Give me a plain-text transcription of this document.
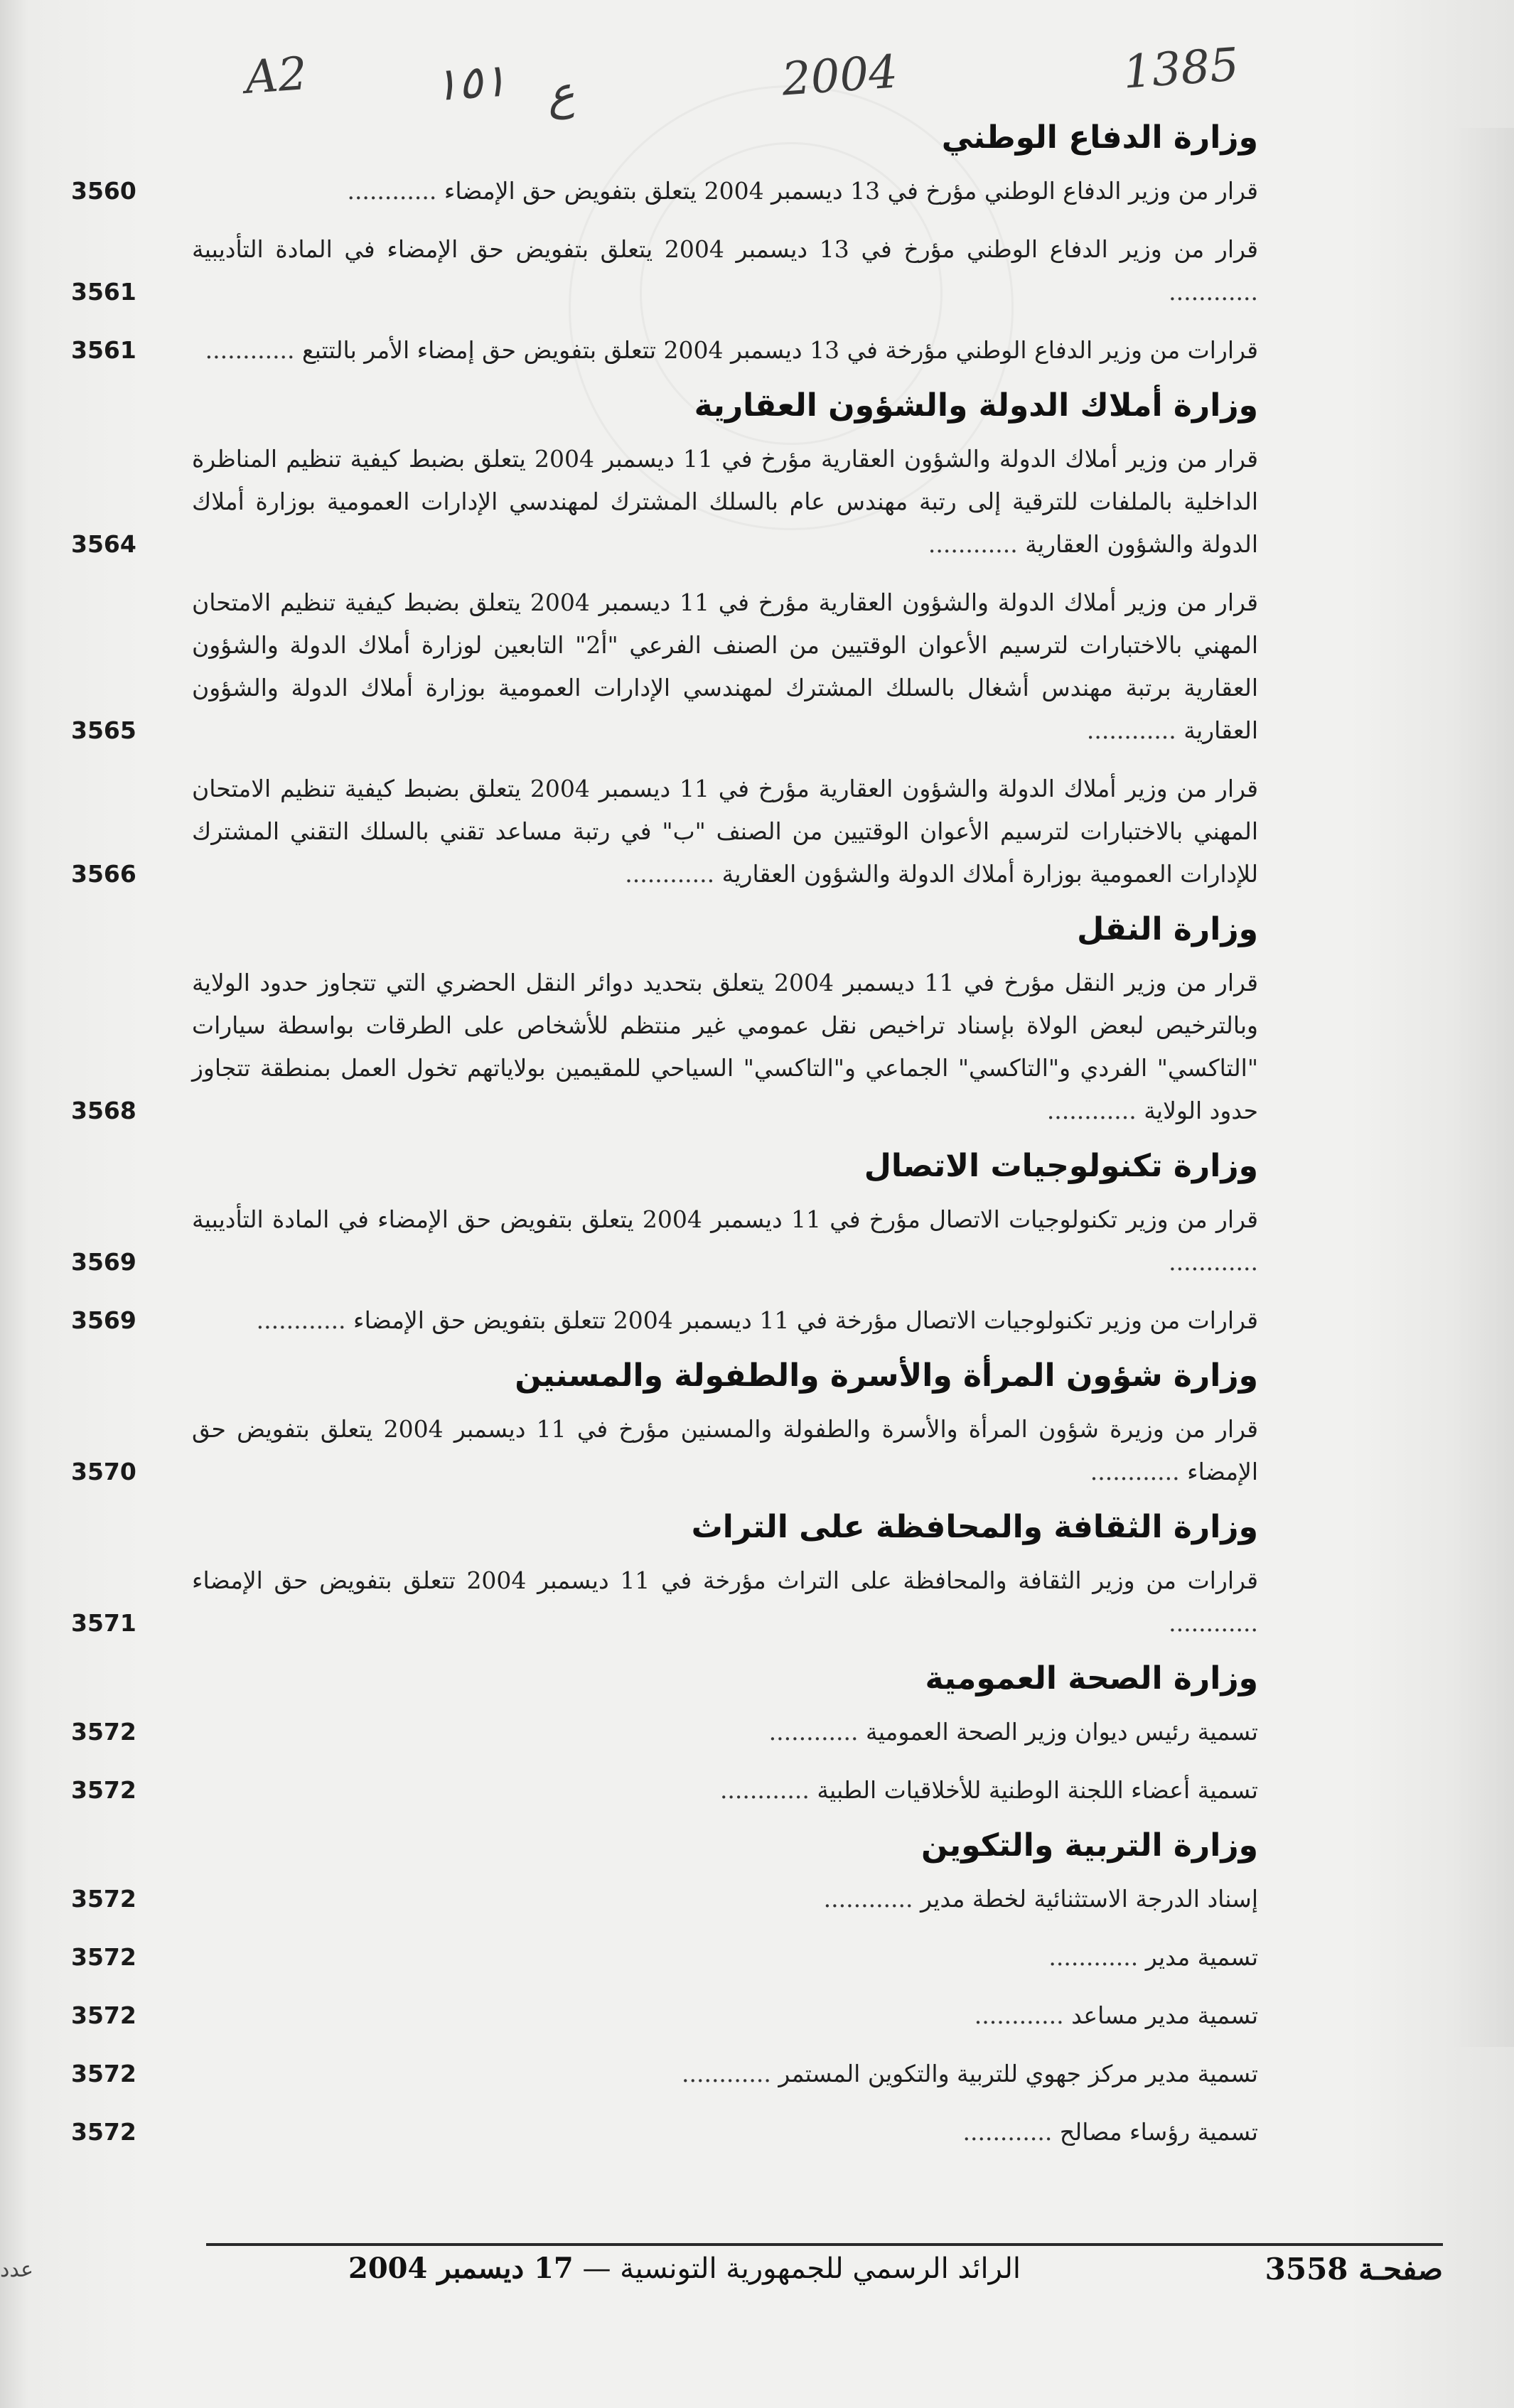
A2	١٥١ ع	2004	1385
وزارة الدفاع الوطني
قرار من وزير الدفاع الوطني مؤرخ في 13 ديسمبر 2004 يتعلق بتفويض حق الإمضاء ............
3560
قرار من وزير الدفاع الوطني مؤرخ في 13 ديسمبر 2004 يتعلق بتفويض حق الإمضاء في المادة التأديبية ............
3561
قرارات من وزير الدفاع الوطني مؤرخة في 13 ديسمبر 2004 تتعلق بتفويض حق إمضاء الأمر بالتتبع ............
3561
وزارة أملاك الدولة والشؤون العقارية
قرار من وزير أملاك الدولة والشؤون العقارية مؤرخ في 11 ديسمبر 2004 يتعلق بضبط كيفية تنظيم المناظرة الداخلية بالملفات للترقية إلى رتبة مهندس عام بالسلك المشترك لمهندسي الإدارات العمومية بوزارة أملاك الدولة والشؤون العقارية ............
3564
قرار من وزير أملاك الدولة والشؤون العقارية مؤرخ في 11 ديسمبر 2004 يتعلق بضبط كيفية تنظيم الامتحان المهني بالاختبارات لترسيم الأعوان الوقتيين من الصنف الفرعي "أ2" التابعين لوزارة أملاك الدولة والشؤون العقارية برتبة مهندس أشغال بالسلك المشترك لمهندسي الإدارات العمومية بوزارة أملاك الدولة والشؤون العقارية ............
3565
قرار من وزير أملاك الدولة والشؤون العقارية مؤرخ في 11 ديسمبر 2004 يتعلق بضبط كيفية تنظيم الامتحان المهني بالاختبارات لترسيم الأعوان الوقتيين من الصنف "ب" في رتبة مساعد تقني بالسلك التقني المشترك للإدارات العمومية بوزارة أملاك الدولة والشؤون العقارية ............
3566
وزارة النقل
قرار من وزير النقل مؤرخ في 11 ديسمبر 2004 يتعلق بتحديد دوائر النقل الحضري التي تتجاوز حدود الولاية وبالترخيص لبعض الولاة بإسناد تراخيص نقل عمومي غير منتظم للأشخاص على الطرقات بواسطة سيارات "التاكسي" الفردي و"التاكسي" الجماعي و"التاكسي" السياحي للمقيمين بولاياتهم تخول العمل بمنطقة تتجاوز حدود الولاية ............
3568
وزارة تكنولوجيات الاتصال
قرار من وزير تكنولوجيات الاتصال مؤرخ في 11 ديسمبر 2004 يتعلق بتفويض حق الإمضاء في المادة التأديبية ............
3569
قرارات من وزير تكنولوجيات الاتصال مؤرخة في 11 ديسمبر 2004 تتعلق بتفويض حق الإمضاء ............
3569
وزارة شؤون المرأة والأسرة والطفولة والمسنين
قرار من وزيرة شؤون المرأة والأسرة والطفولة والمسنين مؤرخ في 11 ديسمبر 2004 يتعلق بتفويض حق الإمضاء ............
3570
وزارة الثقافة والمحافظة على التراث
قرارات من وزير الثقافة والمحافظة على التراث مؤرخة في 11 ديسمبر 2004 تتعلق بتفويض حق الإمضاء ............
3571
وزارة الصحة العمومية
تسمية رئيس ديوان وزير الصحة العمومية ............
3572
تسمية أعضاء اللجنة الوطنية للأخلاقيات الطبية ............
3572
وزارة التربية والتكوين
إسناد الدرجة الاستثنائية لخطة مدير ............
3572
تسمية مدير ............
3572
تسمية مدير مساعد ............
3572
تسمية مدير مركز جهوي للتربية والتكوين المستمر ............
3572
تسمية رؤساء مصالح ............
3572
صفحـة 3558
الرائد الرسمي للجمهورية التونسية — 17 ديسمبر 2004
عدد
